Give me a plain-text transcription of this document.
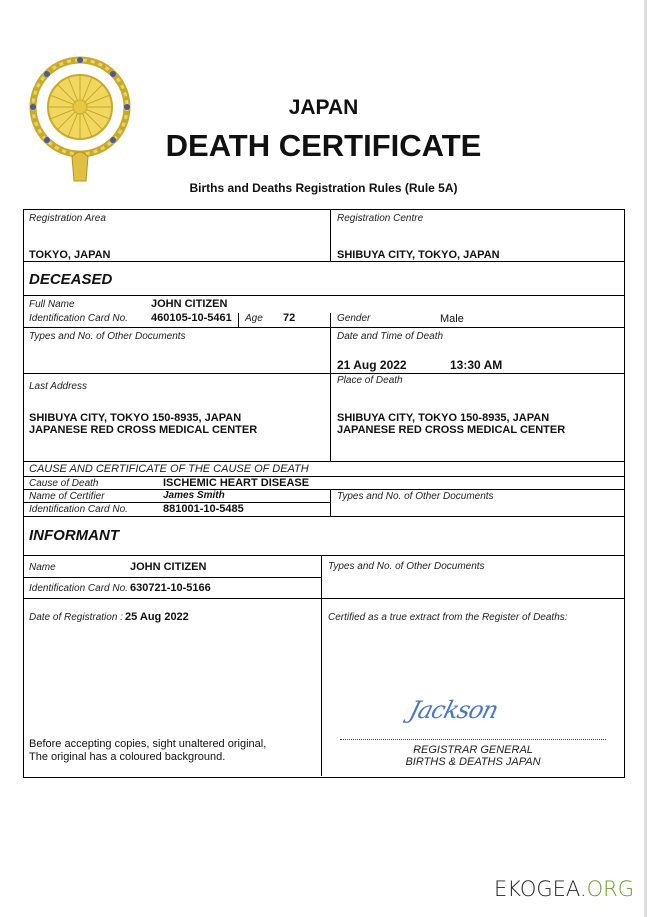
JAPAN
DEATH CERTIFICATE
Births and Deaths Registration Rules (Rule 5A)
Registration Area
TOKYO, JAPAN
Registration Centre
SHIBUYA CITY, TOKYO, JAPAN
DECEASED
Full Name	JOHN CITIZEN
Identification Card No. 460105-10-5461 Age 72	Gender	Male
Types and No. of Other Documents	Date and Time of Death
21 Aug 2022	13:30 AM
Last Address
SHIBUYA CITY, TOKYO 150-8935, JAPAN
JAPANESE RED CROSS MEDICAL CENTER
Place of Death
SHIBUYA CITY, TOKYO 150-8935, JAPAN
JAPANESE RED CROSS MEDICAL CENTER
CAUSE AND CERTIFICATE OF THE CAUSE OF DEATH
Cause of Death	ISCHEMIC HEART DISEASE
Name of Certifier	James Smith
Identification Card No.	881001-10-5485
Types and No. of Other Documents
INFORMANT
Name	JOHN CITIZEN
Identification Card No. 630721-10-5166
Types and No. of Other Documents
Date of Registration : 25 Aug 2022
Before accepting copies, sight unaltered original,
The original has a coloured background.
Certified as a true extract from the Register of Deaths:
Jackson
REGISTRAR GENERAL
BIRTHS & DEATHS JAPAN
EKOGEA.ORG
